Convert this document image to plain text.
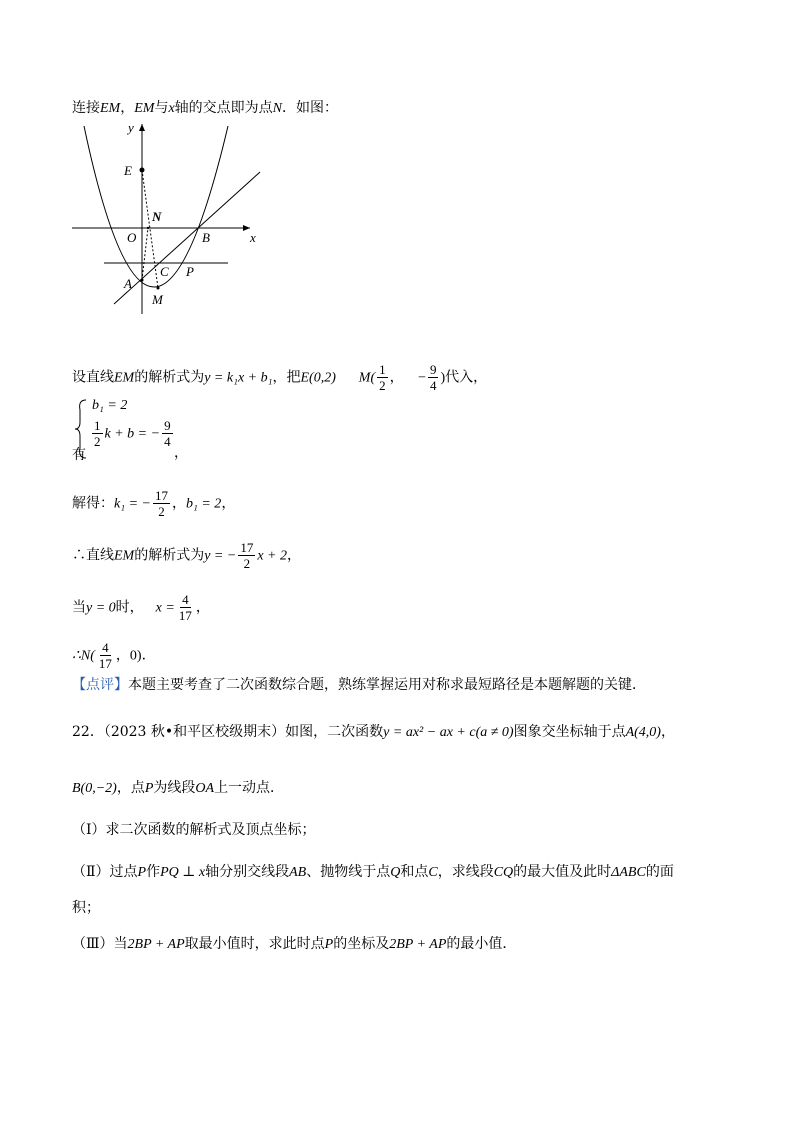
连接EM，EM与x轴的交点即为点N．如图：
y
E
N
O	B	x
C P
A
M
设直线EM的解析式为y = k₁x + b₁，把E(0,2) $M( \frac{1}{2}$ ， − $\frac{9}{4}$ )代入，
b₁ = 2
$\frac{1}{2}$ k + b = − $\frac{9}{4}$
有	，
解得：k₁ = − $\frac{17}{2}$ ，b₁ = 2，
∴直线EM的解析式为y = − $\frac{17}{2}$ x + 2，
当y = 0时， $x = \frac{4}{17}$ ，
∴N( $\frac{4}{17}$ ，0)．
【点评】本题主要考查了二次函数综合题，熟练掌握运用对称求最短路径是本题解题的关键．
22．（2023 秋•和平区校级期末）如图，二次函数y = ax² − ax + c(a ≠ 0)图象交坐标轴于点A(4,0)，
B(0,−2)，点P为线段OA上一动点．
（Ⅰ）求二次函数的解析式及顶点坐标；
（Ⅱ）过点P作PQ ⊥ x轴分别交线段AB、抛物线于点Q和点C，求线段CQ的最大值及此时ΔABC的面
积；
（Ⅲ）当2BP + AP取最小值时，求此时点P的坐标及2BP + AP的最小值．
